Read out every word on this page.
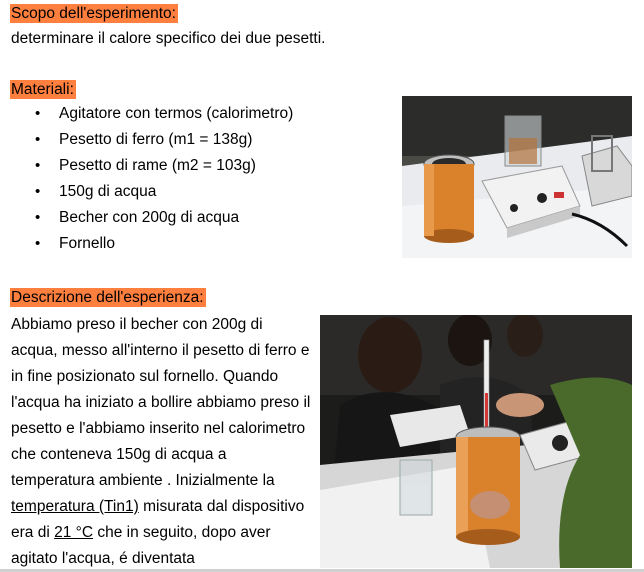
Scopo dell'esperimento:
determinare il calore specifico dei due pesetti.
Materiali:
• Agitatore con termos (calorimetro)
• Pesetto di ferro (m1 = 138g)
• Pesetto di rame (m2 = 103g)
• 150g di acqua
• Becher con 200g di acqua
• Fornello
Descrizione dell'esperienza:
Abbiamo preso il becher con 200g di
acqua, messo all'interno il pesetto di ferro e
in fine posizionato sul fornello. Quando
l'acqua ha iniziato a bollire abbiamo preso il
pesetto e l'abbiamo inserito nel calorimetro
che conteneva 150g di acqua a
temperatura ambiente . Inizialmente la
temperatura (Tin1) misurata dal dispositivo
era di 21 °C che in seguito, dopo aver
agitato l'acqua, é diventata
